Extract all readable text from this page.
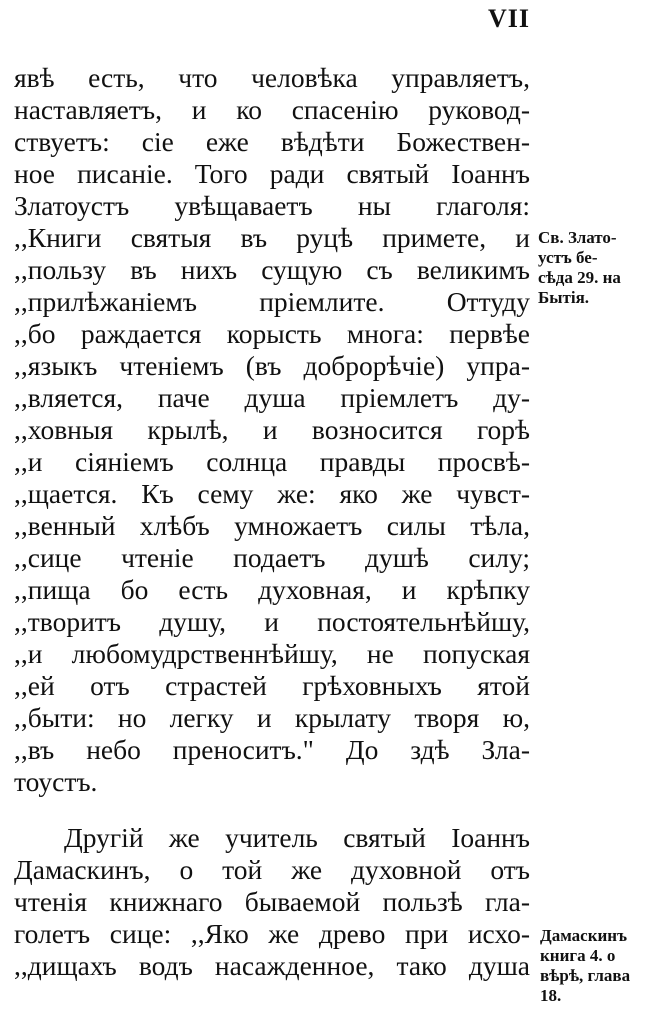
VII
явѣ есть, что человѣка управляетъ,
наставляетъ, и ко спасенію руковод-
ствуетъ: сіе еже вѣдѣти Божествен-
ное писаніе. Того ради святый Іоаннъ
Златоустъ увѣщаваетъ ны глаголя:
,,Книги святыя въ руцѣ примете, и
,,пользу въ нихъ сущую съ великимъ
,,прилѣжаніемъ пріемлите. Оттуду
,,бо раждается корысть многа: первѣе
,,языкъ чтеніемъ (въ доброрѣчіе) упра-
,,вляется, паче душа пріемлетъ ду-
,,ховныя крылѣ, и возносится горѣ
,,и сіяніемъ солнца правды просвѣ-
,,щается. Къ сему же: яко же чувст-
,,венный хлѣбъ умножаетъ силы тѣла,
,,сице чтеніе подаетъ душѣ силу;
,,пища бо есть духовная, и крѣпку
,,творитъ душу, и постоятельнѣйшу,
,,и любомудрственнѣйшу, не попуская
,,ей отъ страстей грѣховныхъ ятой
,,быти: но легку и крылату творя ю,
,,въ небо преноситъ." До здѣ Зла-
тоустъ.
Другій же учитель святый Іоаннъ
Дамаскинъ, о той же духовной отъ
чтенія книжнаго бываемой пользѣ гла-
голетъ сице: ,,Яко же древо при исхо-
,,дищахъ водъ насажденное, тако душа
Св. Злато-
устъ бе-
сѣда 29. на
Бытія.
Дамаскинъ
книга 4. о
вѣрѣ, глава
18.
